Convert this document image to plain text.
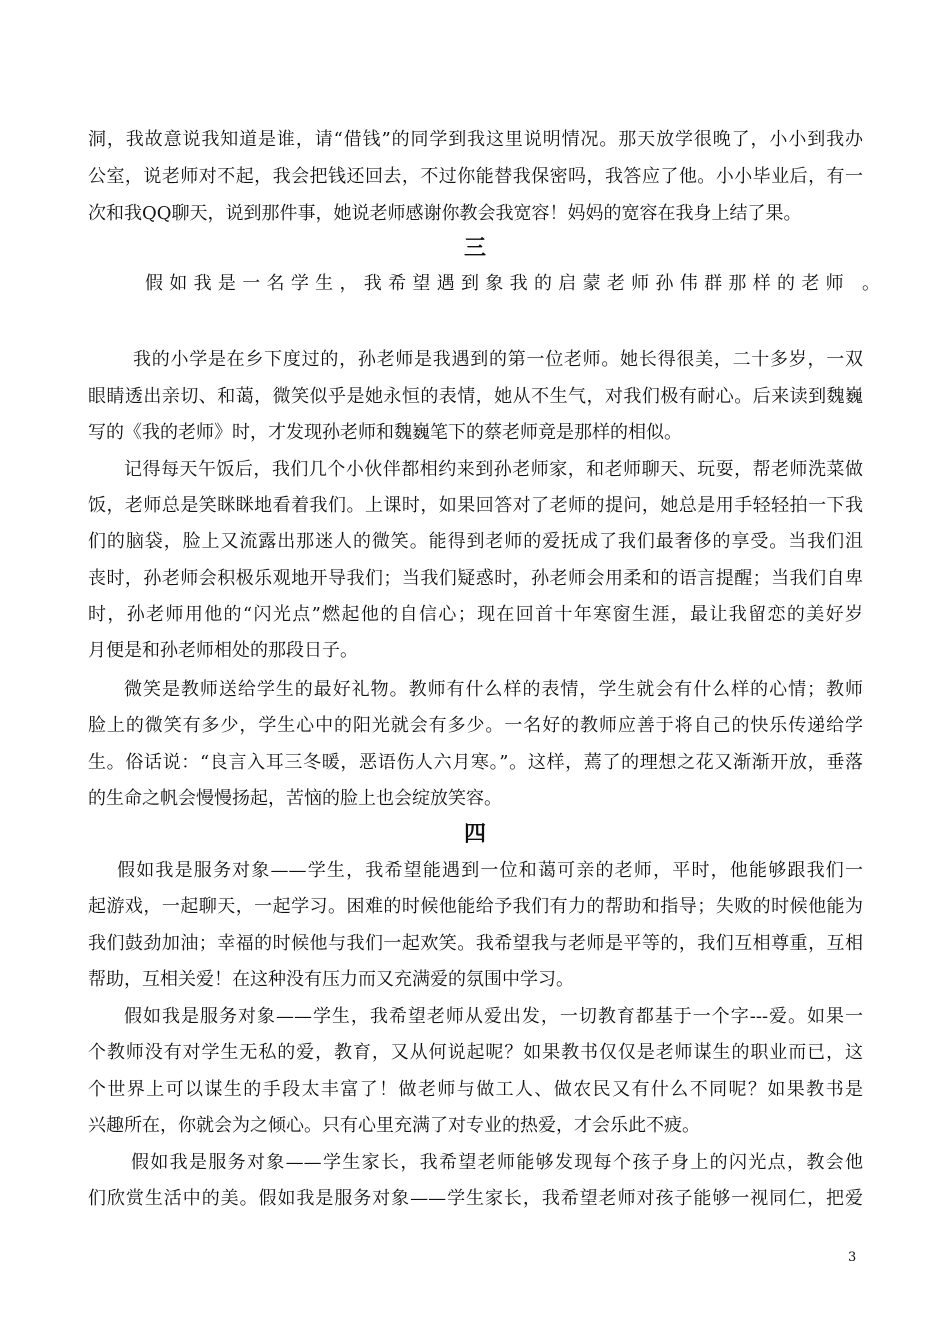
洞，我故意说我知道是谁，请“借钱”的同学到我这里说明情况。那天放学很晚了，小小到我办
公室，说老师对不起，我会把钱还回去，不过你能替我保密吗，我答应了他。小小毕业后，有一
次和我QQ聊天，说到那件事，她说老师感谢你教会我宽容！妈妈的宽容在我身上结了果。
三
假如我是一名学生，我希望遇到象我的启蒙老师孙伟群那样的老师 。
我的小学是在乡下度过的，孙老师是我遇到的第一位老师。她长得很美，二十多岁，一双
眼睛透出亲切、和蔼，微笑似乎是她永恒的表情，她从不生气，对我们极有耐心。后来读到魏巍
写的《我的老师》时，才发现孙老师和魏巍笔下的蔡老师竟是那样的相似。
记得每天午饭后，我们几个小伙伴都相约来到孙老师家，和老师聊天、玩耍，帮老师洗菜做
饭，老师总是笑眯眯地看着我们。上课时，如果回答对了老师的提问，她总是用手轻轻拍一下我
们的脑袋，脸上又流露出那迷人的微笑。能得到老师的爱抚成了我们最奢侈的享受。当我们沮
丧时，孙老师会积极乐观地开导我们；当我们疑惑时，孙老师会用柔和的语言提醒；当我们自卑
时，孙老师用他的“闪光点”燃起他的自信心；现在回首十年寒窗生涯，最让我留恋的美好岁
月便是和孙老师相处的那段日子。
微笑是教师送给学生的最好礼物。教师有什么样的表情，学生就会有什么样的心情；教师
脸上的微笑有多少，学生心中的阳光就会有多少。一名好的教师应善于将自己的快乐传递给学
生。俗话说：“良言入耳三冬暖，恶语伤人六月寒。”。这样，蔫了的理想之花又渐渐开放，垂落
的生命之帆会慢慢扬起，苦恼的脸上也会绽放笑容。
四
假如我是服务对象——学生，我希望能遇到一位和蔼可亲的老师，平时，他能够跟我们一
起游戏，一起聊天，一起学习。困难的时候他能给予我们有力的帮助和指导；失败的时候他能为
我们鼓劲加油；幸福的时候他与我们一起欢笑。我希望我与老师是平等的，我们互相尊重，互相
帮助，互相关爱！在这种没有压力而又充满爱的氛围中学习。
假如我是服务对象——学生，我希望老师从爱出发，一切教育都基于一个字---爱。如果一
个教师没有对学生无私的爱，教育，又从何说起呢？如果教书仅仅是老师谋生的职业而已，这
个世界上可以谋生的手段太丰富了！做老师与做工人、做农民又有什么不同呢？如果教书是
兴趣所在，你就会为之倾心。只有心里充满了对专业的热爱，才会乐此不疲。
假如我是服务对象——学生家长，我希望老师能够发现每个孩子身上的闪光点，教会他
们欣赏生活中的美。假如我是服务对象——学生家长，我希望老师对孩子能够一视同仁，把爱
3
